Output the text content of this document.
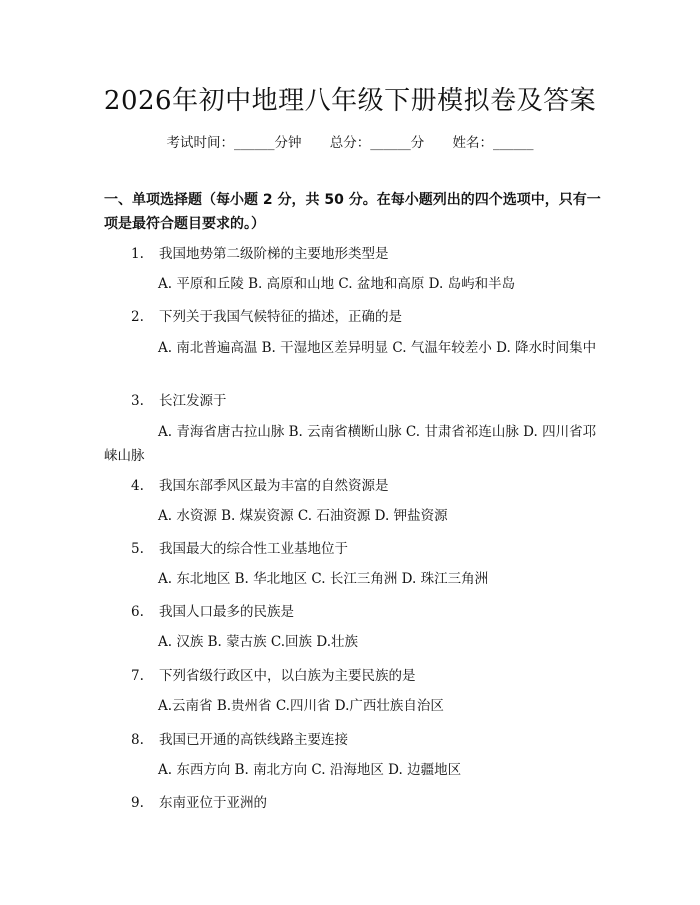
2026年初中地理八年级下册模拟卷及答案
考试时间：______分钟 总分：______分 姓名：______
一、单项选择题（每小题 2 分，共 50 分。在每小题列出的四个选项中，只有一项是最符合题目要求的。）
1. 我国地势第二级阶梯的主要地形类型是
A. 平原和丘陵 B. 高原和山地 C. 盆地和高原 D. 岛屿和半岛
2. 下列关于我国气候特征的描述，正确的是
A. 南北普遍高温 B. 干湿地区差异明显 C. 气温年较差小 D. 降水时间集中
3. 长江发源于
A. 青海省唐古拉山脉 B. 云南省横断山脉 C. 甘肃省祁连山脉 D. 四川省邛崃山脉
4. 我国东部季风区最为丰富的自然资源是
A. 水资源 B. 煤炭资源 C. 石油资源 D. 钾盐资源
5. 我国最大的综合性工业基地位于
A. 东北地区 B. 华北地区 C. 长江三角洲 D. 珠江三角洲
6. 我国人口最多的民族是
A. 汉族 B. 蒙古族 C.回族 D.壮族
7. 下列省级行政区中，以白族为主要民族的是
A.云南省 B.贵州省 C.四川省 D.广西壮族自治区
8. 我国已开通的高铁线路主要连接
A. 东西方向 B. 南北方向 C. 沿海地区 D. 边疆地区
9. 东南亚位于亚洲的
